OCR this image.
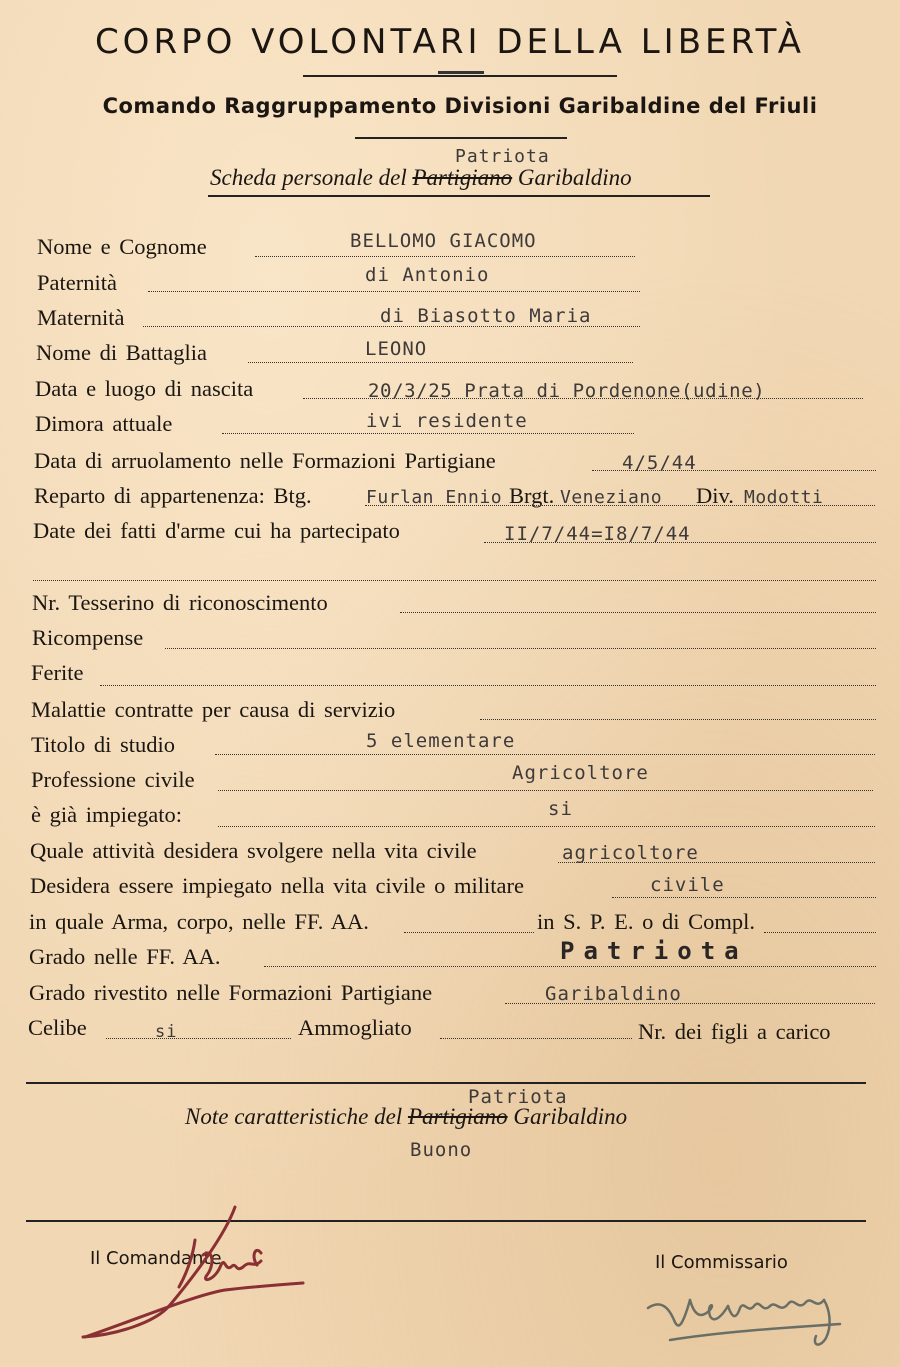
CORPO VOLONTARI DELLA LIBERTÀ
Comando Raggruppamento Divisioni Garibaldine del Friuli
Scheda personale del Partigiano Garibaldino
Patriota
Nome e Cognome	BELLOMO GIACOMO
Paternità	di Antonio
Maternità	di Biasotto Maria
Nome di Battaglia	LEONO
Data e luogo di nascita	20/3/25 Prata di Pordenone(udine)
Dimora attuale	ivi residente
Data di arruolamento nelle Formazioni Partigiane	4/5/44
Reparto di appartenenza: Btg.	Furlan Ennio Brgt. Veneziano Div. Modotti
Date dei fatti d'arme cui ha partecipato	II/7/44=I8/7/44
Nr. Tesserino di riconoscimento
Ricompense
Ferite
Malattie contratte per causa di servizio
Titolo di studio	5 elementare
Professione civile	Agricoltore
è già impiegato:	si
Quale attività desidera svolgere nella vita civile	agricoltore
Desidera essere impiegato nella vita civile o militare	civile
in quale Arma, corpo, nelle FF. AA.	in S. P. E. o di Compl.
Grado nelle FF. AA.	Patriota
Grado rivestito nelle Formazioni Partigiane	Garibaldino
Celibe	si	Ammogliato	Nr. dei figli a carico
Note caratteristiche del Partigiano Garibaldino
Patriota
Buono
Il Comandante	Il Commissario
